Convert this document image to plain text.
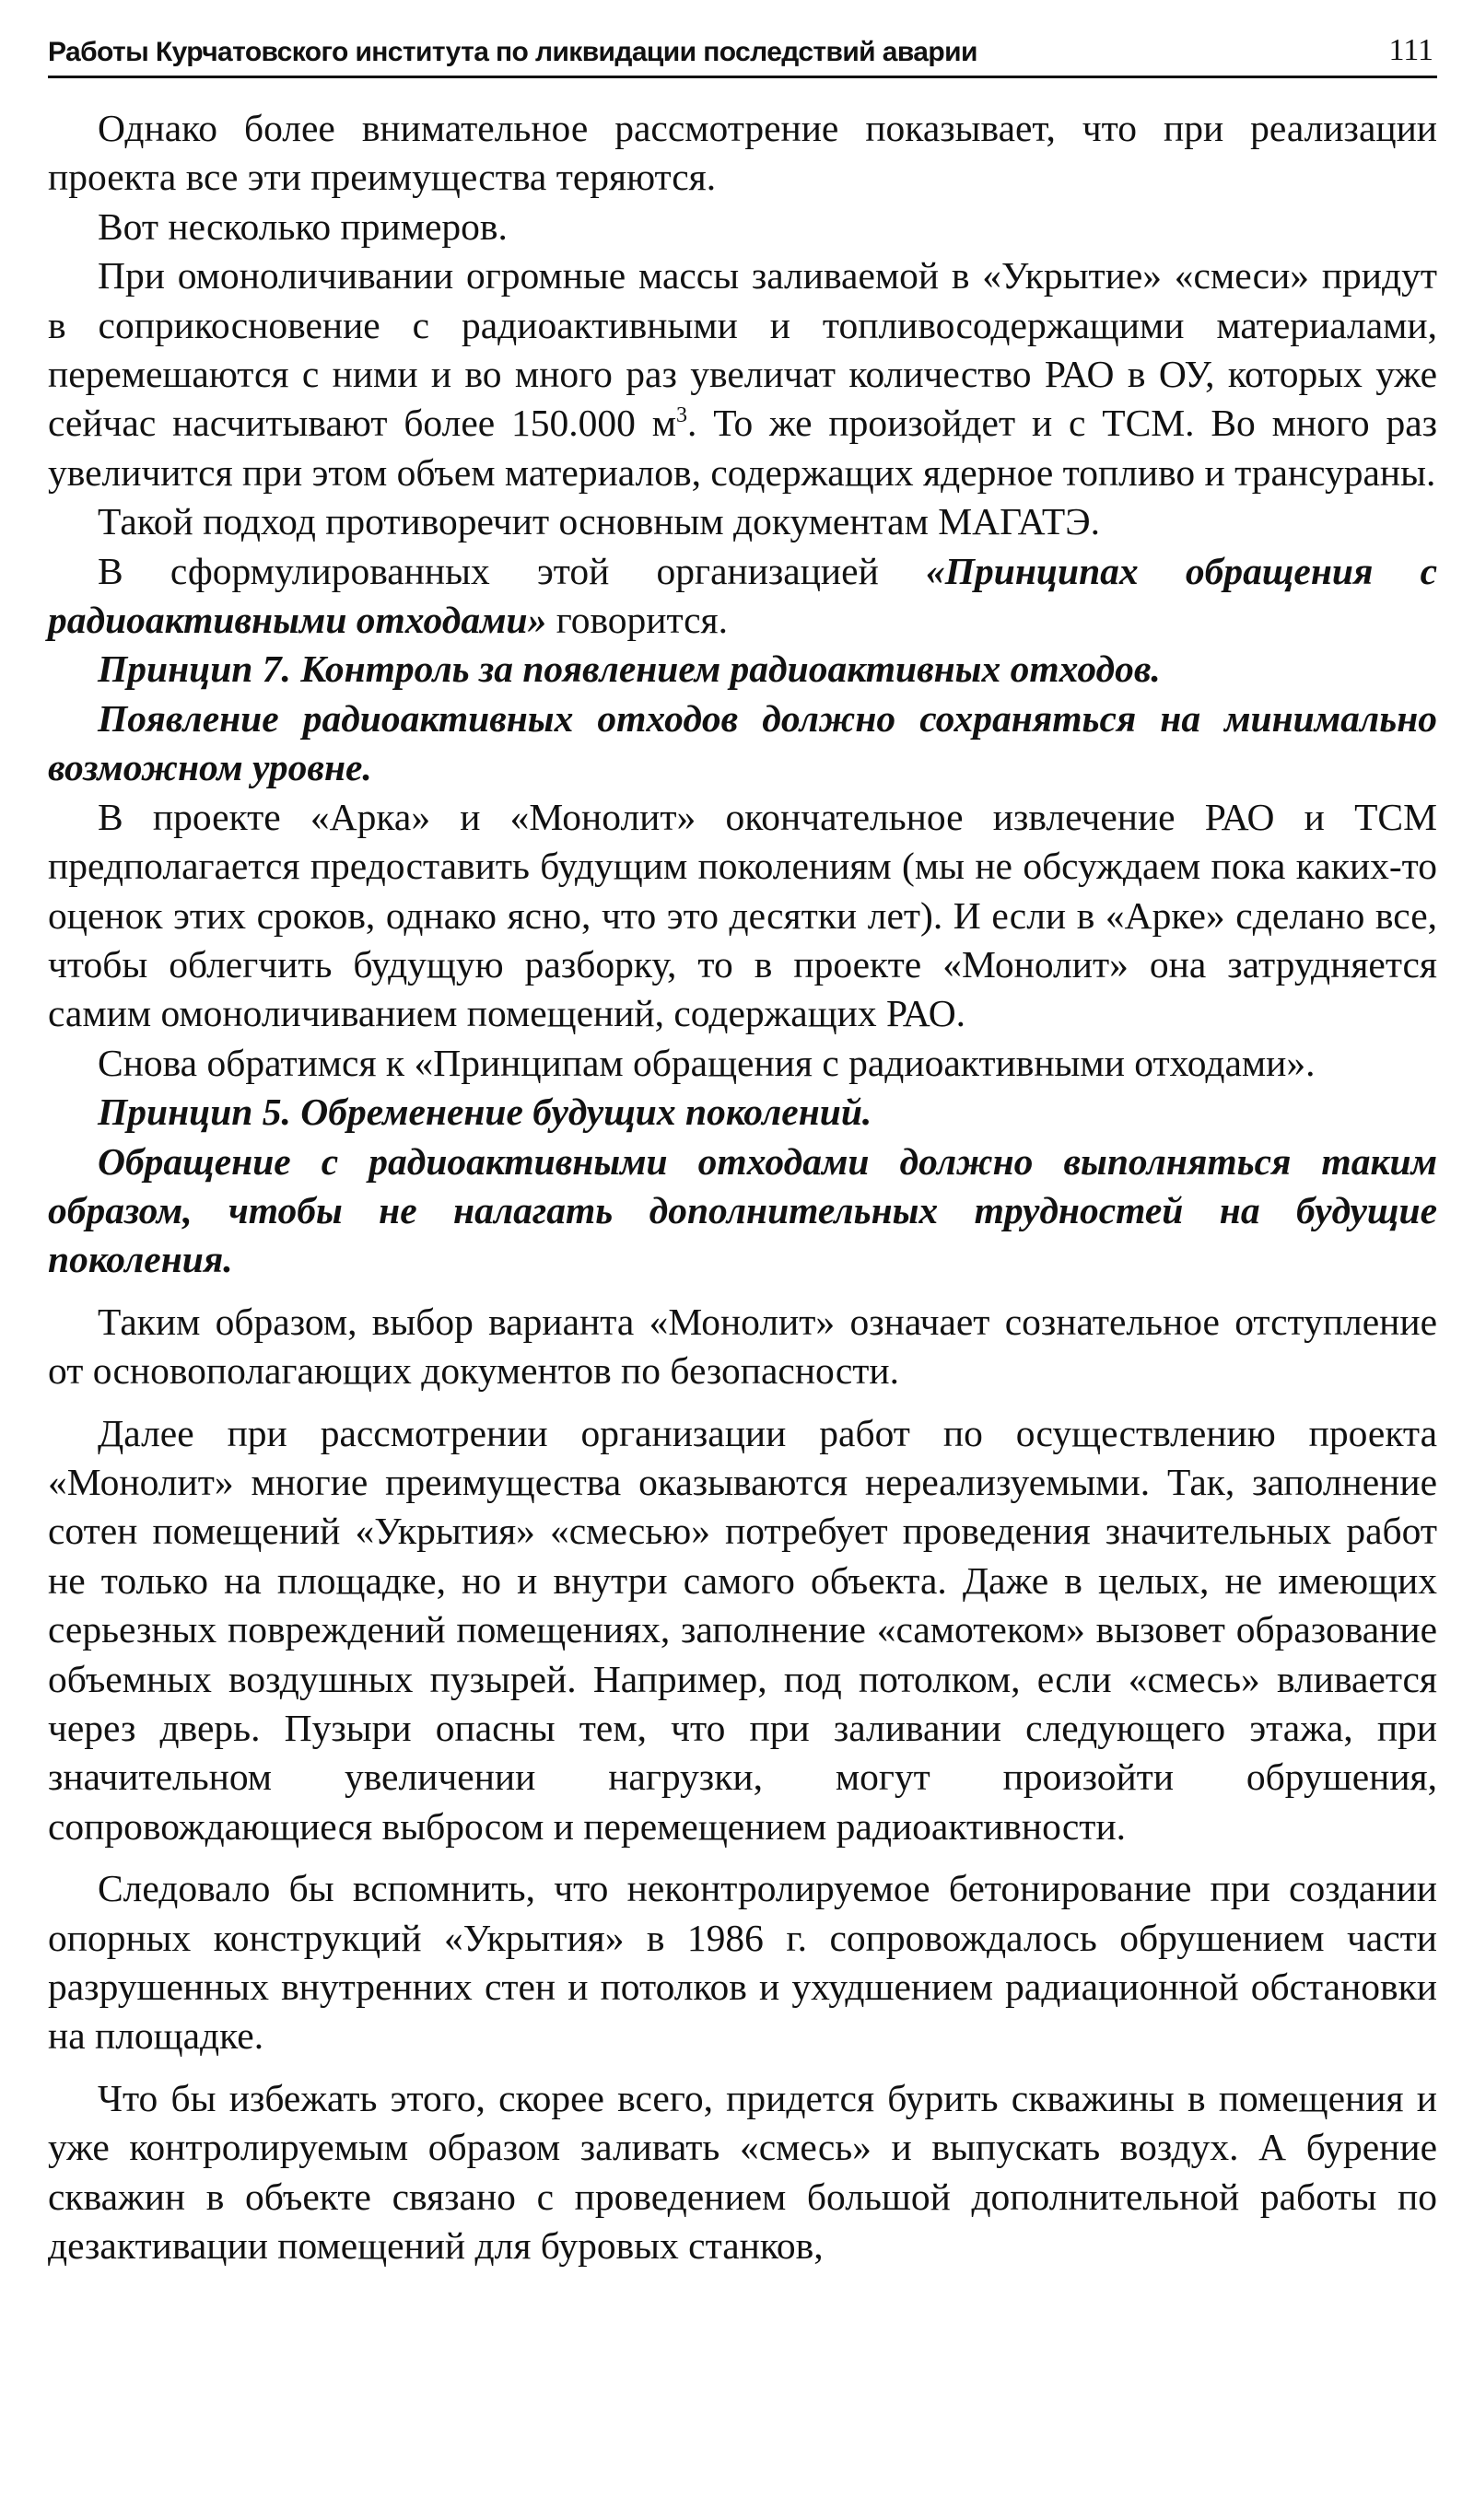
Работы Курчатовского института по ликвидации последствий аварии	111

Однако более внимательное рассмотрение показывает, что при реализации проекта все эти преимущества теряются.

Вот несколько примеров.

При омоноличивании огромные массы заливаемой в «Укрытие» «смеси» придут в соприкосновение с радиоактивными и топливосодержащими материалами, перемешаются с ними и во много раз увеличат количество РАО в ОУ, которых уже сейчас насчитывают более 150.000 $м^3$. То же произойдет и с ТСМ. Во много раз увеличится при этом объем материалов, содержащих ядерное топливо и трансураны.

Такой подход противоречит основным документам МАГАТЭ.

В сформулированных этой организацией «Принципах обращения с радиоактивными отходами» говорится.

Принцип 7. Контроль за появлением радиоактивных отходов.

Появление радиоактивных отходов должно сохраняться на минимально возможном уровне.

В проекте «Арка» и «Монолит» окончательное извлечение РАО и ТСМ предполагается предоставить будущим поколениям (мы не обсуждаем пока каких-то оценок этих сроков, однако ясно, что это десятки лет). И если в «Арке» сделано все, чтобы облегчить будущую разборку, то в проекте «Монолит» она затрудняется самим омоноличиванием помещений, содержащих РАО.

Снова обратимся к «Принципам обращения с радиоактивными отходами».

Принцип 5. Обременение будущих поколений.

Обращение с радиоактивными отходами должно выполняться таким образом, чтобы не налагать дополнительных трудностей на будущие поколения.

Таким образом, выбор варианта «Монолит» означает сознательное отступление от основополагающих документов по безопасности.

Далее при рассмотрении организации работ по осуществлению проекта «Монолит» многие преимущества оказываются нереализуемыми. Так, заполнение сотен помещений «Укрытия» «смесью» потребует проведения значительных работ не только на площадке, но и внутри самого объекта. Даже в целых, не имеющих серьезных повреждений помещениях, заполнение «самотеком» вызовет образование объемных воздушных пузырей. Например, под потолком, если «смесь» вливается через дверь. Пузыри опасны тем, что при заливании следующего этажа, при значительном увеличении нагрузки, могут произойти обрушения, сопровождающиеся выбросом и перемещением радиоактивности.

Следовало бы вспомнить, что неконтролируемое бетонирование при создании опорных конструкций «Укрытия» в 1986 г. сопровождалось обрушением части разрушенных внутренних стен и потолков и ухудшением радиационной обстановки на площадке.

Что бы избежать этого, скорее всего, придется бурить скважины в помещения и уже контролируемым образом заливать «смесь» и выпускать воздух. А бурение скважин в объекте связано с проведением большой дополнительной работы по дезактивации помещений для буровых станков,
